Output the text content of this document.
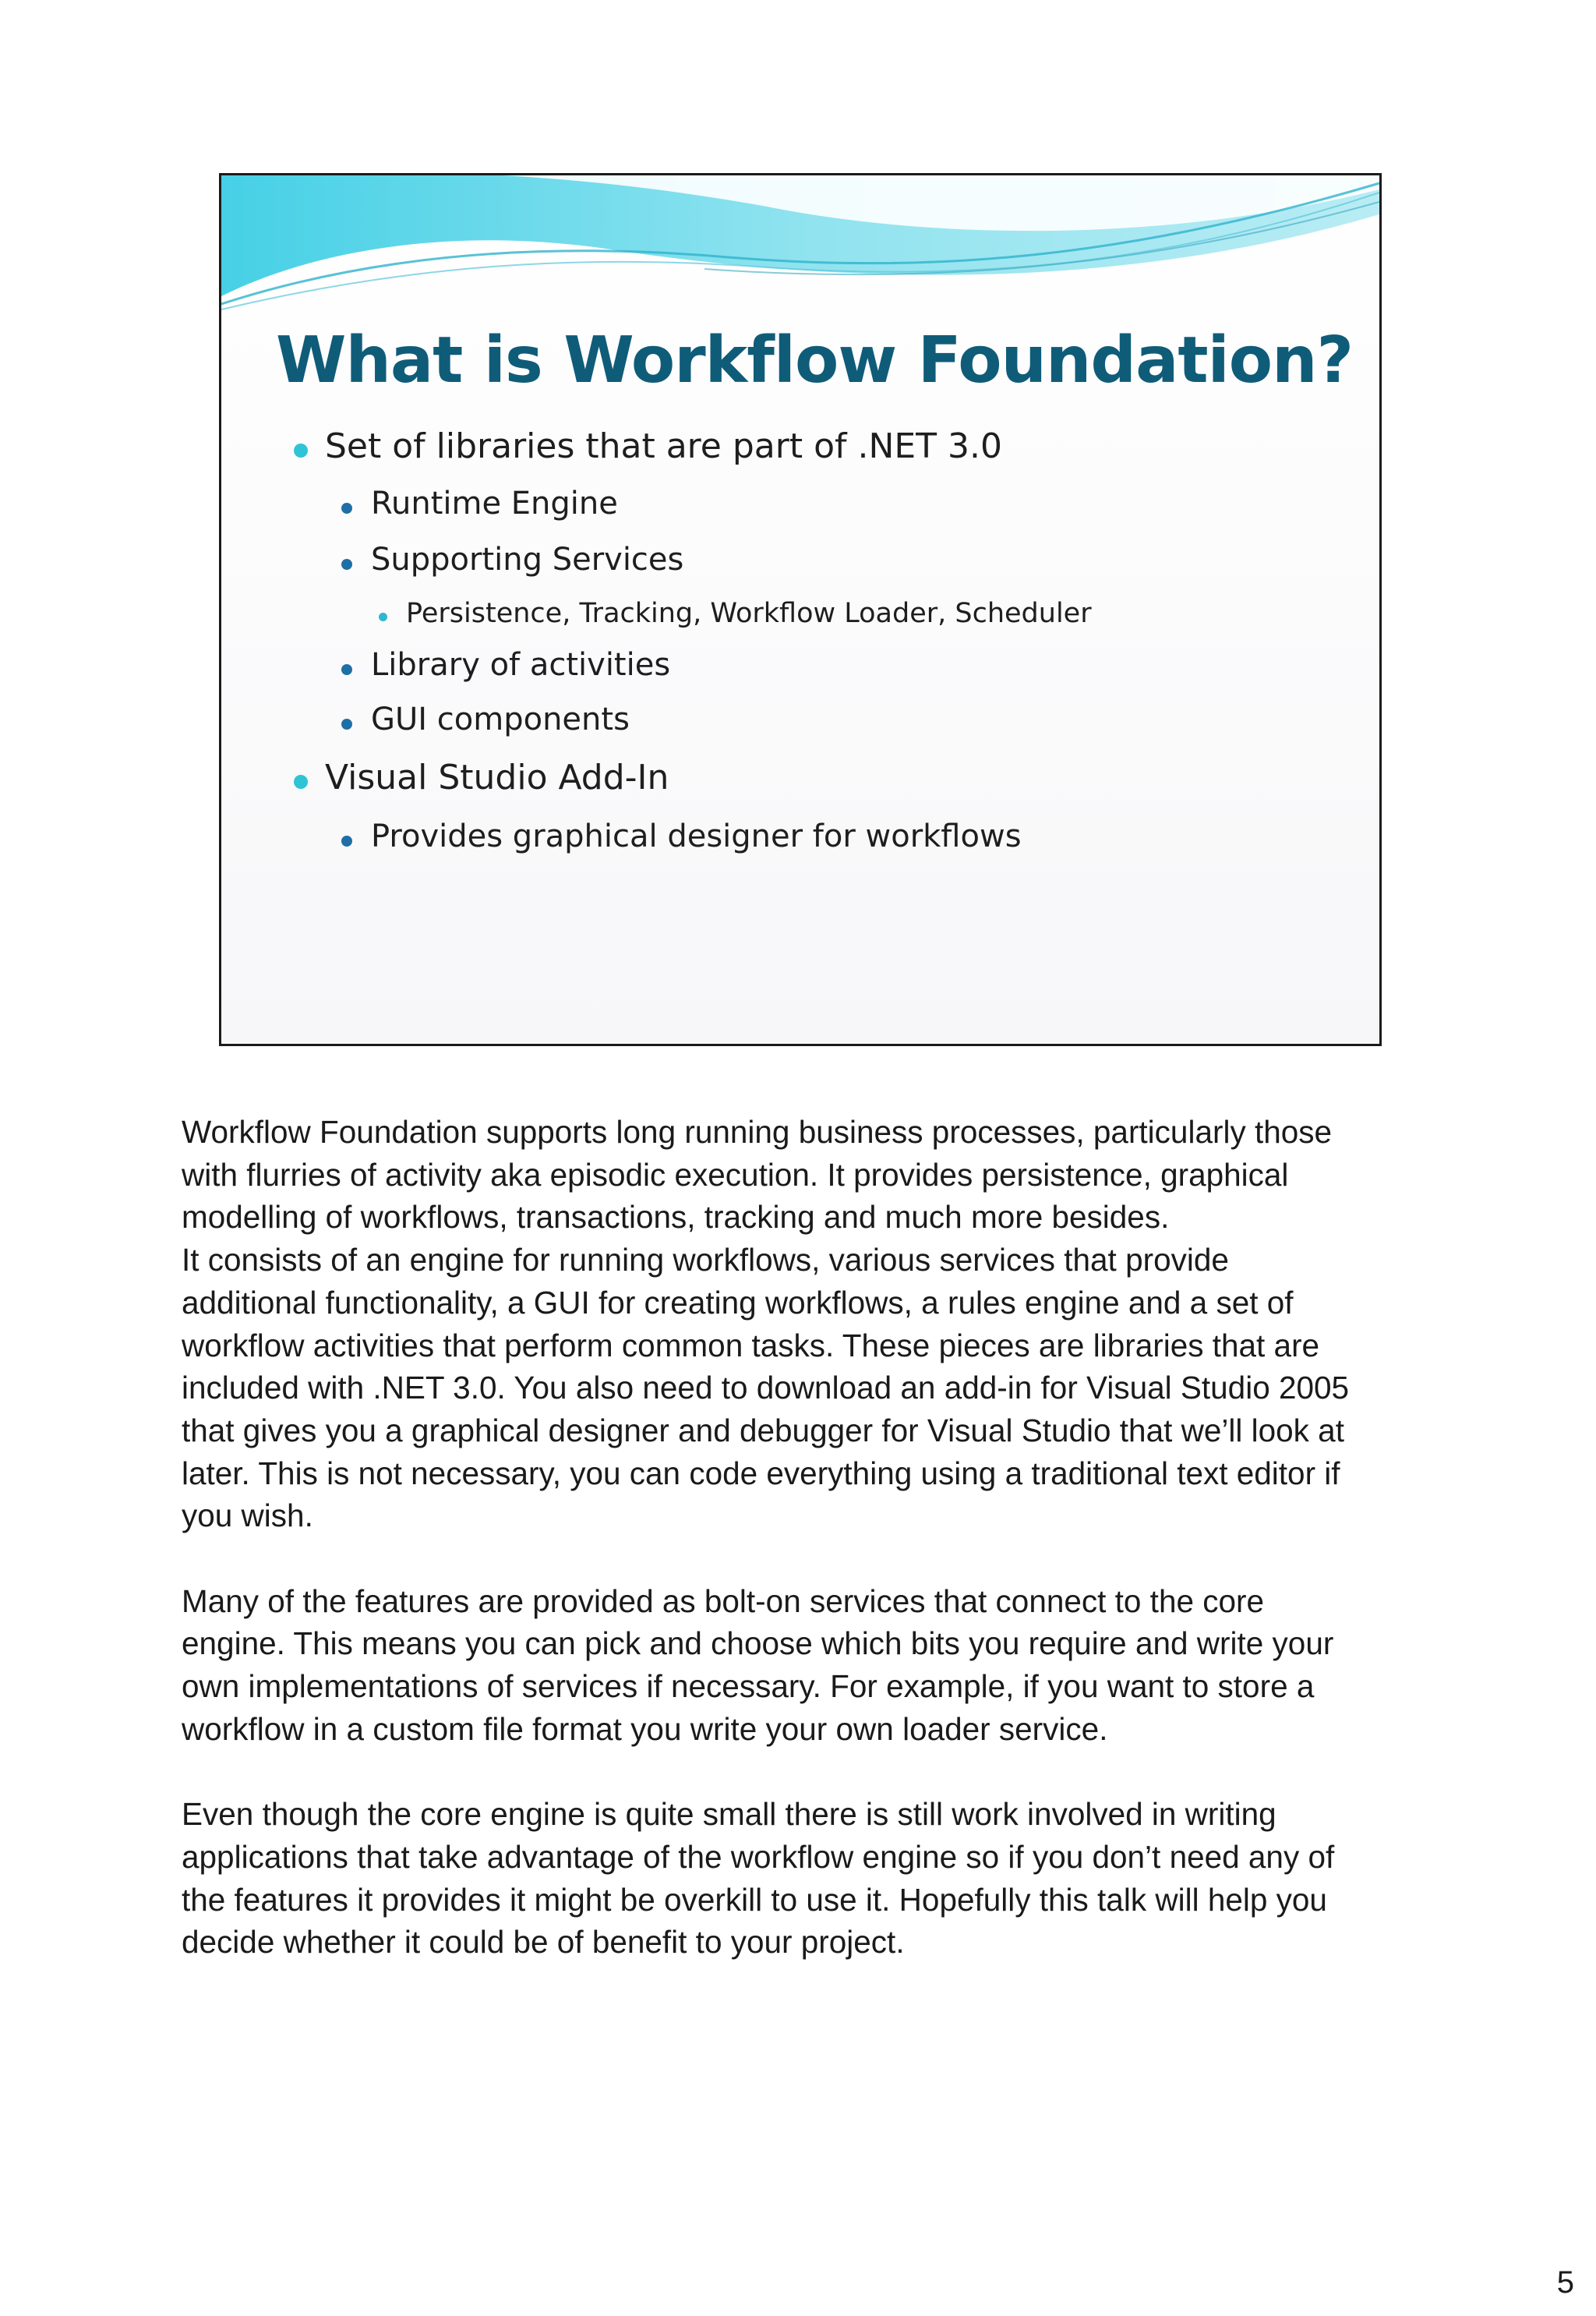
What is Workflow Foundation?
Set of libraries that are part of .NET 3.0
Runtime Engine
Supporting Services
Persistence, Tracking, Workflow Loader, Scheduler
Library of activities
GUI components
Visual Studio Add-In
Provides graphical designer for workflows

Workflow Foundation supports long running business processes, particularly those
with flurries of activity aka episodic execution. It provides persistence, graphical
modelling of workflows, transactions, tracking and much more besides.
It consists of an engine for running workflows, various services that provide
additional functionality, a GUI for creating workflows, a rules engine and a set of
workflow activities that perform common tasks. These pieces are libraries that are
included with .NET 3.0. You also need to download an add-in for Visual Studio 2005
that gives you a graphical designer and debugger for Visual Studio that we’ll look at
later. This is not necessary, you can code everything using a traditional text editor if
you wish.

Many of the features are provided as bolt-on services that connect to the core
engine. This means you can pick and choose which bits you require and write your
own implementations of services if necessary. For example, if you want to store a
workflow in a custom file format you write your own loader service.

Even though the core engine is quite small there is still work involved in writing
applications that take advantage of the workflow engine so if you don’t need any of
the features it provides it might be overkill to use it. Hopefully this talk will help you
decide whether it could be of benefit to your project.

5
